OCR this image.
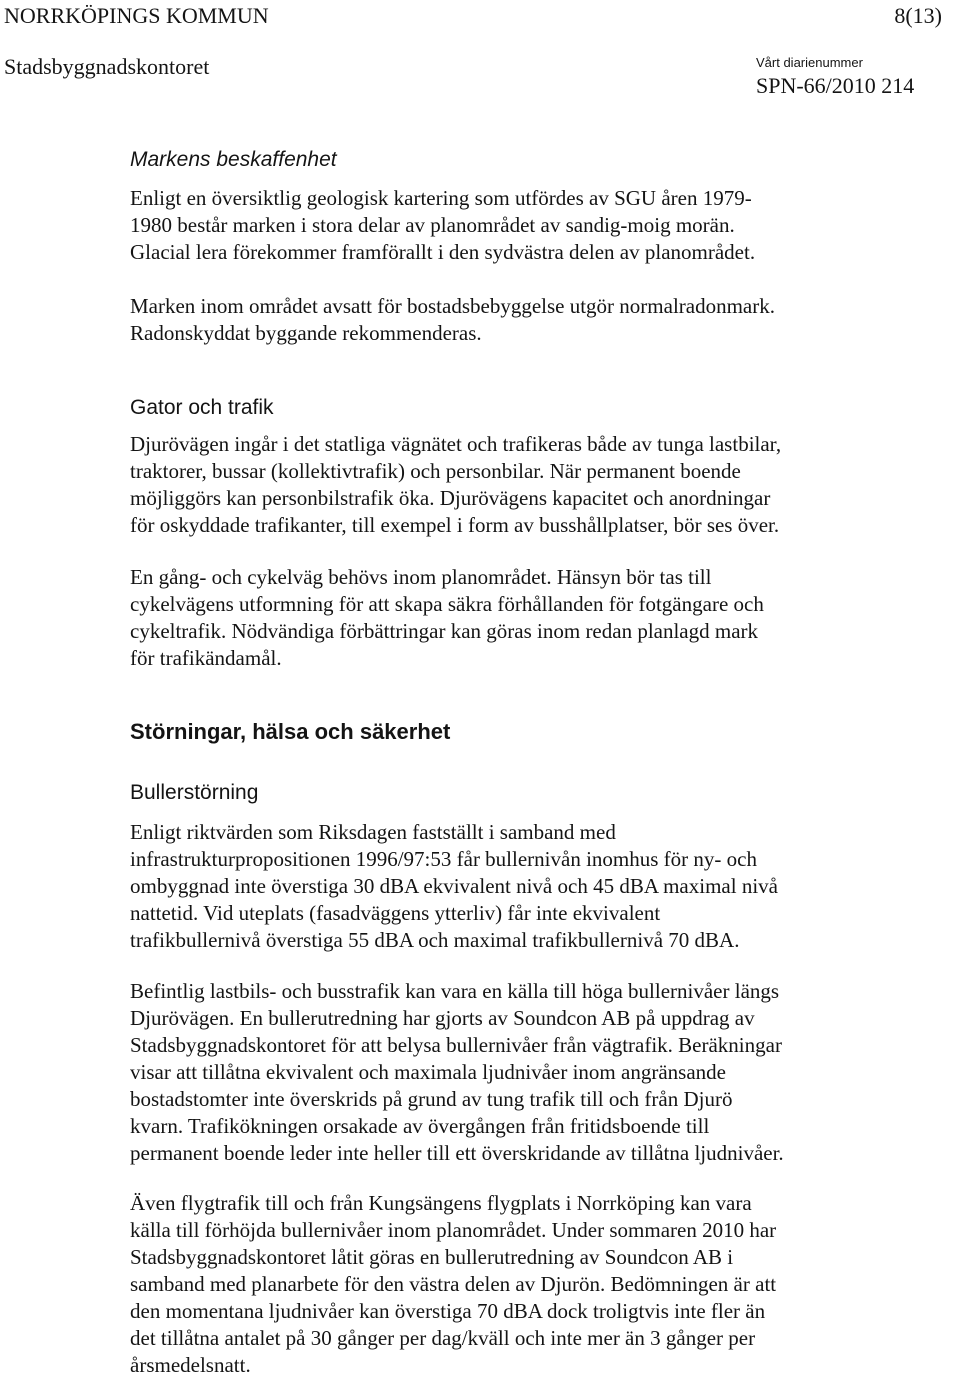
NORRKÖPINGS KOMMUN	8(13)
Stadsbyggnadskontoret	Vårt diarienummer
SPN-66/2010 214
Markens beskaffenhet
Enligt en översiktlig geologisk kartering som utfördes av SGU åren 1979-
1980 består marken i stora delar av planområdet av sandig-moig morän.
Glacial lera förekommer framförallt i den sydvästra delen av planområdet.
Marken inom området avsatt för bostadsbebyggelse utgör normalradonmark.
Radonskyddat byggande rekommenderas.
Gator och trafik
Djurövägen ingår i det statliga vägnätet och trafikeras både av tunga lastbilar,
traktorer, bussar (kollektivtrafik) och personbilar. När permanent boende
möjliggörs kan personbilstrafik öka. Djurövägens kapacitet och anordningar
för oskyddade trafikanter, till exempel i form av busshållplatser, bör ses över.
En gång- och cykelväg behövs inom planområdet. Hänsyn bör tas till
cykelvägens utformning för att skapa säkra förhållanden för fotgängare och
cykeltrafik. Nödvändiga förbättringar kan göras inom redan planlagd mark
för trafikändamål.
Störningar, hälsa och säkerhet
Bullerstörning
Enligt riktvärden som Riksdagen fastställt i samband med
infrastrukturpropositionen 1996/97:53 får bullernivån inomhus för ny- och
ombyggnad inte överstiga 30 dBA ekvivalent nivå och 45 dBA maximal nivå
nattetid. Vid uteplats (fasadväggens ytterliv) får inte ekvivalent
trafikbullernivå överstiga 55 dBA och maximal trafikbullernivå 70 dBA.
Befintlig lastbils- och busstrafik kan vara en källa till höga bullernivåer längs
Djurövägen. En bullerutredning har gjorts av Soundcon AB på uppdrag av
Stadsbyggnadskontoret för att belysa bullernivåer från vägtrafik. Beräkningar
visar att tillåtna ekvivalent och maximala ljudnivåer inom angränsande
bostadstomter inte överskrids på grund av tung trafik till och från Djurö
kvarn. Trafikökningen orsakade av övergången från fritidsboende till
permanent boende leder inte heller till ett överskridande av tillåtna ljudnivåer.
Även flygtrafik till och från Kungsängens flygplats i Norrköping kan vara
källa till förhöjda bullernivåer inom planområdet. Under sommaren 2010 har
Stadsbyggnadskontoret låtit göras en bullerutredning av Soundcon AB i
samband med planarbete för den västra delen av Djurön. Bedömningen är att
den momentana ljudnivåer kan överstiga 70 dBA dock troligtvis inte fler än
det tillåtna antalet på 30 gånger per dag/kväll och inte mer än 3 gånger per
årsmedelsnatt.
